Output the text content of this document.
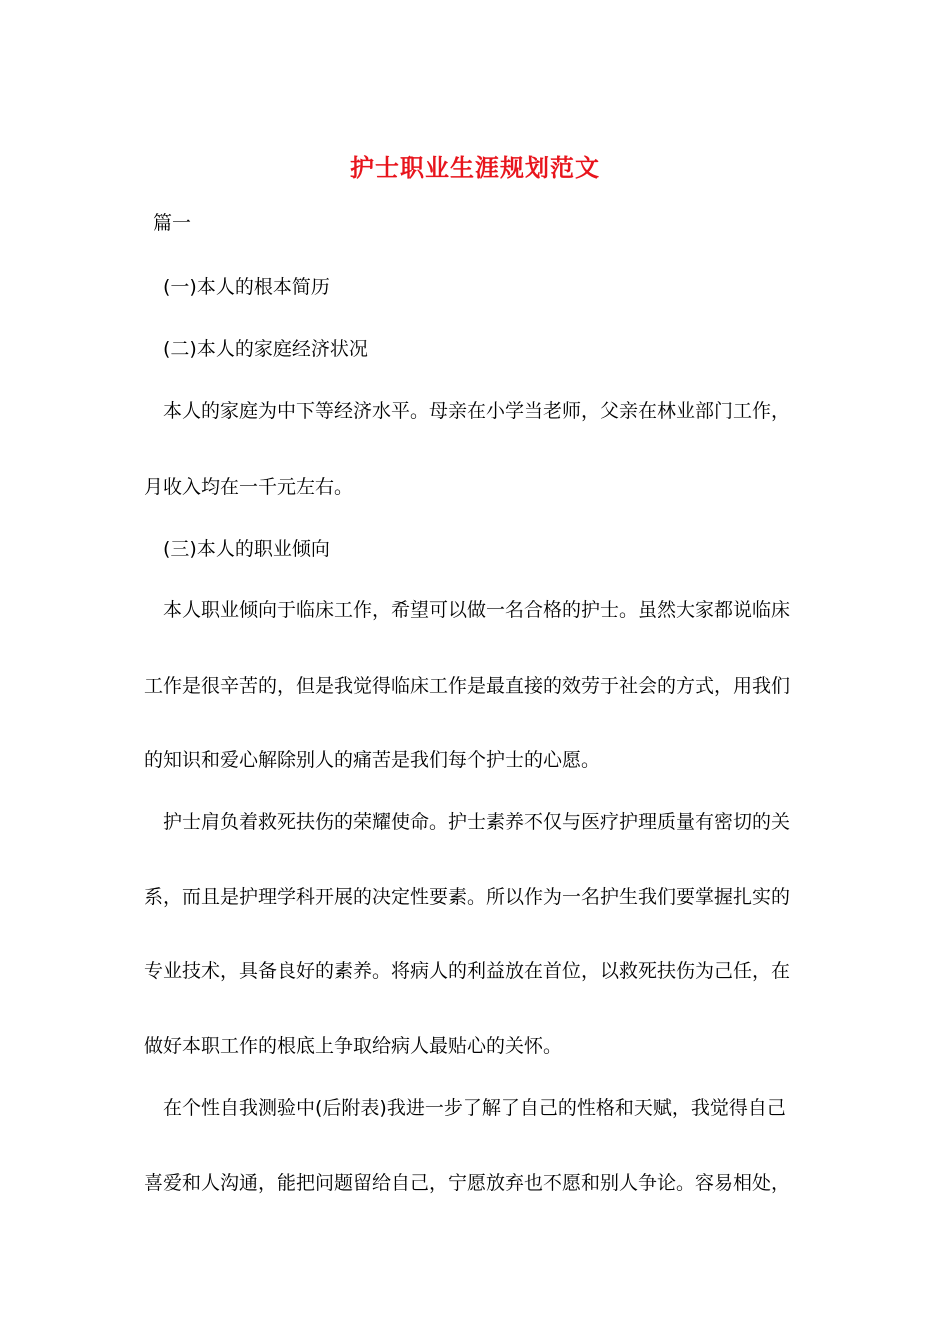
护士职业生涯规划范文
篇一
(一)本人的根本简历
(二)本人的家庭经济状况
本人的家庭为中下等经济水平。母亲在小学当老师，父亲在林业部门工作，
月收入均在一千元左右。
(三)本人的职业倾向
本人职业倾向于临床工作，希望可以做一名合格的护士。虽然大家都说临床
工作是很辛苦的，但是我觉得临床工作是最直接的效劳于社会的方式，用我们
的知识和爱心解除别人的痛苦是我们每个护士的心愿。
护士肩负着救死扶伤的荣耀使命。护士素养不仅与医疗护理质量有密切的关
系，而且是护理学科开展的决定性要素。所以作为一名护生我们要掌握扎实的
专业技术，具备良好的素养。将病人的利益放在首位，以救死扶伤为己任，在
做好本职工作的根底上争取给病人最贴心的关怀。
在个性自我测验中(后附表)我进一步了解了自己的性格和天赋，我觉得自己
喜爱和人沟通，能把问题留给自己，宁愿放弃也不愿和别人争论。容易相处，
